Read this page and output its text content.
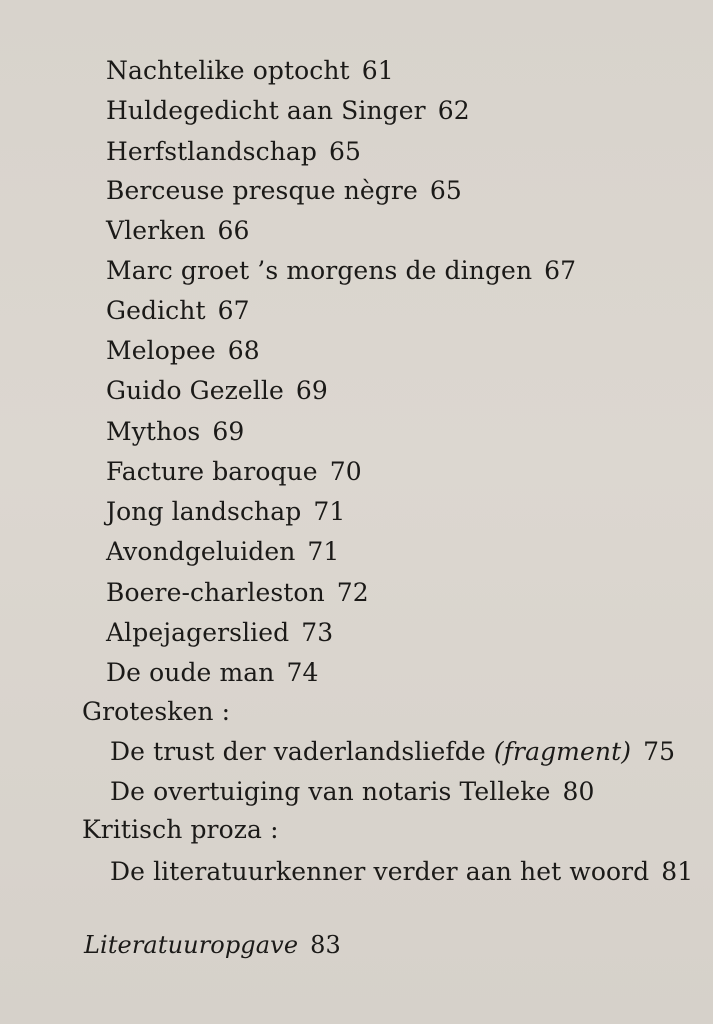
Nachtelike optocht 61
Huldegedicht aan Singer 62
Herfstlandschap 65
Berceuse presque nègre 65
Vlerken 66
Marc groet ’s morgens de dingen 67
Gedicht 67
Melopee 68
Guido Gezelle 69
Mythos 69
Facture baroque 70
Jong landschap 71
Avondgeluiden 71
Boere-charleston 72
Alpejagerslied 73
De oude man 74
Grotesken :
De trust der vaderlandsliefde (fragment) 75
De overtuiging van notaris Telleke 80
Kritisch proza :
De literatuurkenner verder aan het woord 81
Literatuuropgave 83
